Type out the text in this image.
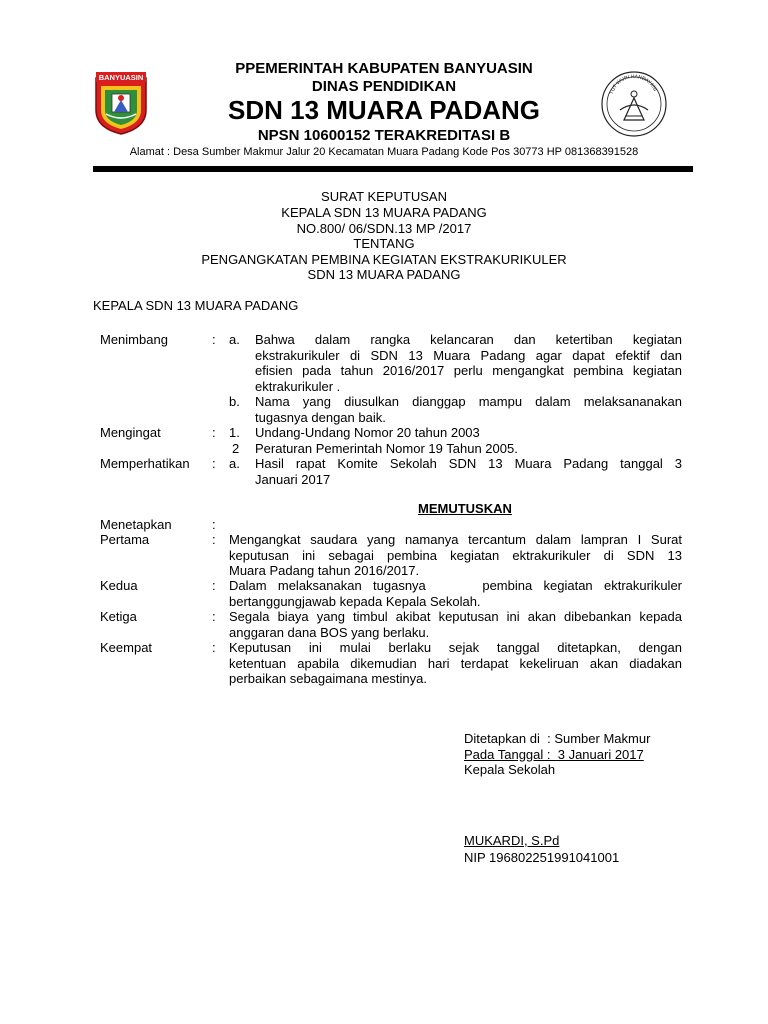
BANYUASIN
TUT WURI HANDAYANI
PPEMERINTAH KABUPATEN BANYUASIN
DINAS PENDIDIKAN
SDN 13 MUARA PADANG
NPSN 10600152 TERAKREDITASI B
Alamat : Desa Sumber Makmur Jalur 20 Kecamatan Muara Padang Kode Pos 30773 HP 081368391528
SURAT KEPUTUSAN
KEPALA SDN 13 MUARA PADANG
NO.800/ 06/SDN.13 MP /2017
TENTANG
PENGANGKATAN PEMBINA KEGIATAN EKSTRAKURIKULER
SDN 13 MUARA PADANG
KEPALA SDN 13 MUARA PADANG
Menimbang	: a. Bahwa dalam rangka kelancaran dan ketertiban kegiatan
ekstrakurikuler di SDN 13 Muara Padang agar dapat efektif dan
efisien pada tahun 2016/2017 perlu mengangkat pembina kegiatan
ektrakurikuler .
b. Nama yang diusulkan dianggap mampu dalam melaksananakan
tugasnya dengan baik.
Mengingat	: 1. Undang-Undang Nomor 20 tahun 2003
2 Peraturan Pemerintah Nomor 19 Tahun 2005.
Memperhatikan : a. Hasil rapat Komite Sekolah SDN 13 Muara Padang tanggal 3
Januari 2017
MEMUTUSKAN
Menetapkan	:
Pertama	: Mengangkat saudara yang namanya tercantum dalam lampran I Surat
keputusan ini sebagai pembina kegiatan ektrakurikuler di SDN 13
Muara Padang tahun 2016/2017.
Kedua	: Dalam melaksanakan tugasnya     pembina kegiatan ektrakurikuler
bertanggungjawab kepada Kepala Sekolah.
Ketiga	: Segala biaya yang timbul akibat keputusan ini akan dibebankan kepada
anggaran dana BOS yang berlaku.
Keempat	: Keputusan ini mulai berlaku sejak tanggal ditetapkan, dengan
ketentuan apabila dikemudian hari terdapat kekeliruan akan diadakan
perbaikan sebagaimana mestinya.
Ditetapkan di  : Sumber Makmur
Pada Tanggal :  3 Januari 2017
Kepala Sekolah
MUKARDI, S.Pd
NIP 196802251991041001
